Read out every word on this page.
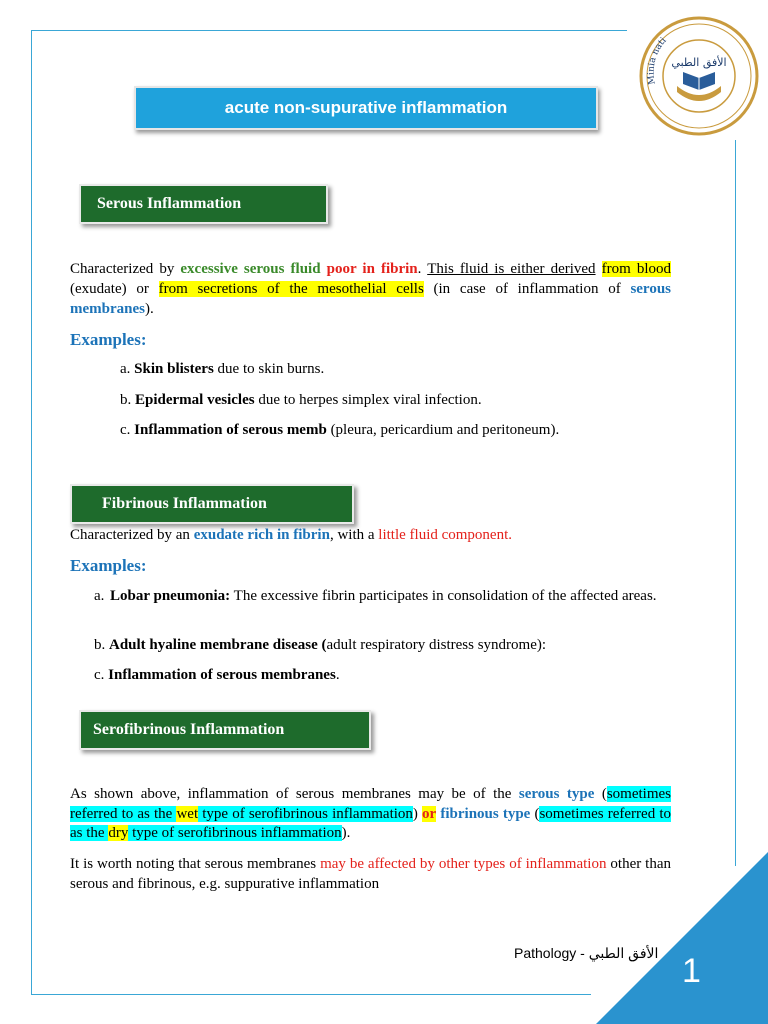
1
Pathology - الأفق الطبي
الأفق الطبي
Minia nati
acute non-supurative inflammation
Serous Inflammation
Characterized by excessive serous fluid poor in fibrin. This fluid is either derived from blood (exudate) or from secretions of the mesothelial cells (in case of inflammation of serous membranes).
Examples:
a. Skin blisters due to skin burns.
b. Epidermal vesicles due to herpes simplex viral infection.
c. Inflammation of serous memb (pleura, pericardium and peritoneum).
Fibrinous Inflammation
Characterized by an exudate rich in fibrin, with a little fluid component.
Examples:
a. Lobar pneumonia: The excessive fibrin participates in consolidation of the affected areas.
b. Adult hyaline membrane disease (adult respiratory distress syndrome):
c. Inflammation of serous membranes.
Serofibrinous Inflammation
As shown above, inflammation of serous membranes may be of the serous type (sometimes referred to as the wet type of serofibrinous inflammation) or fibrinous type (sometimes referred to as the dry type of serofibrinous inflammation).
It is worth noting that serous membranes may be affected by other types of inflammation other than serous and fibrinous, e.g. suppurative inflammation
